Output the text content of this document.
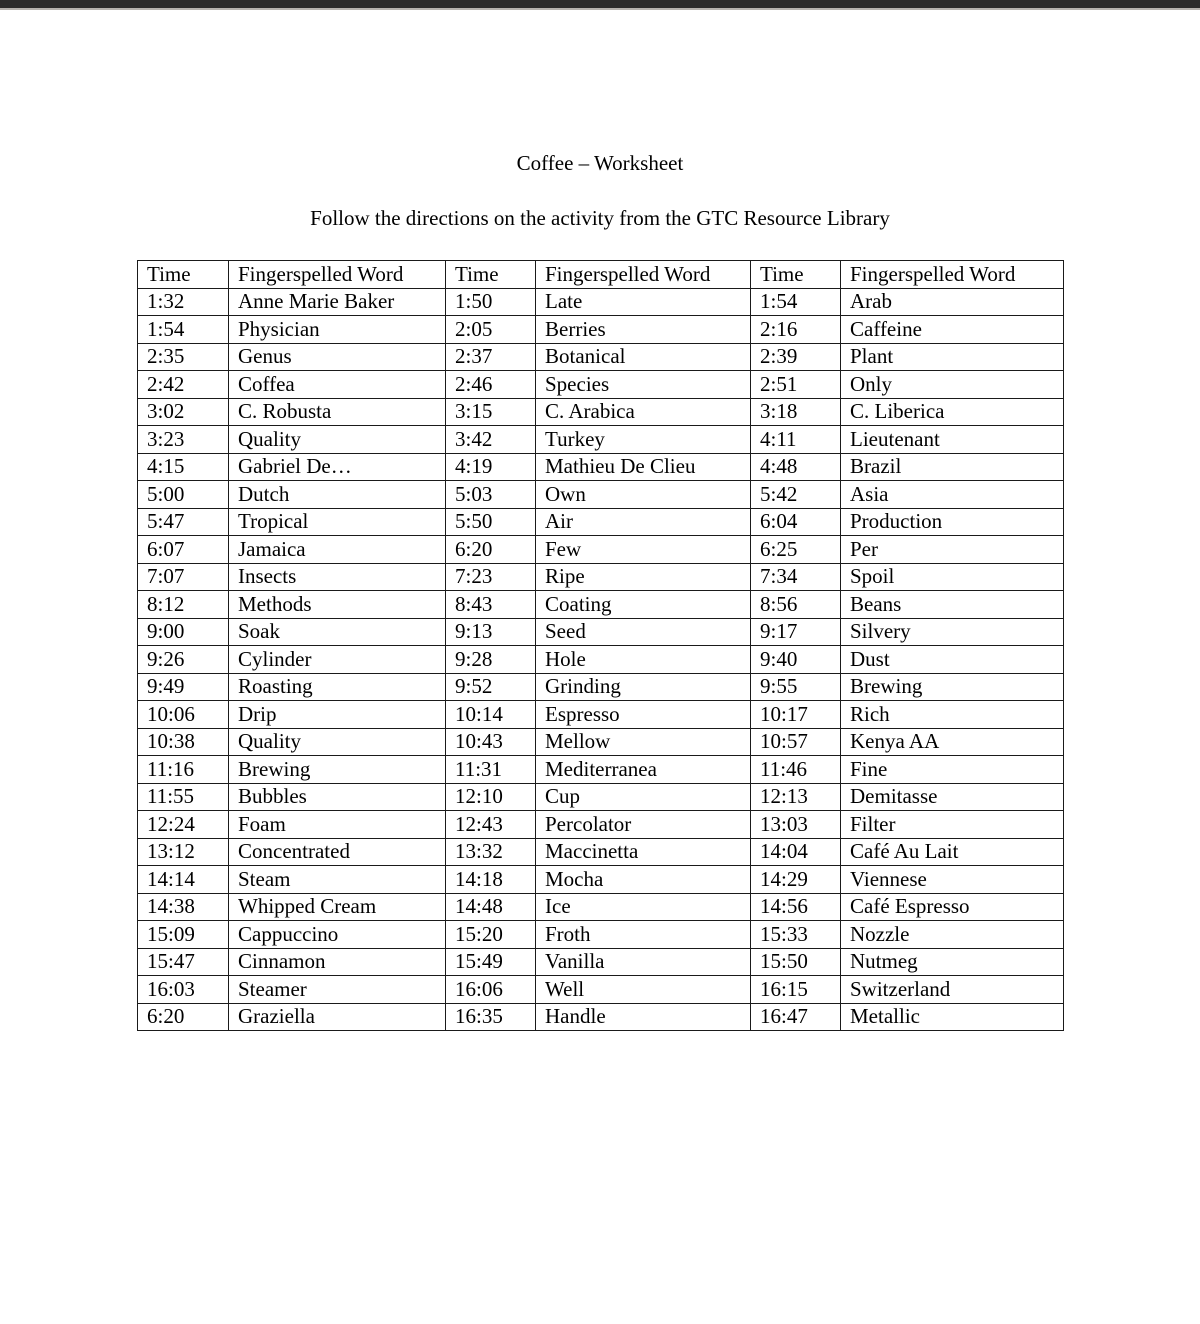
Coffee – Worksheet
Follow the directions on the activity from the GTC Resource Library
Time	Fingerspelled Word	Time	Fingerspelled Word	Time	Fingerspelled Word
1:32	Anne Marie Baker	1:50	Late	1:54	Arab
1:54	Physician	2:05	Berries	2:16	Caffeine
2:35	Genus	2:37	Botanical	2:39	Plant
2:42	Coffea	2:46	Species	2:51	Only
3:02	C. Robusta	3:15	C. Arabica	3:18	C. Liberica
3:23	Quality	3:42	Turkey	4:11	Lieutenant
4:15	Gabriel De…	4:19	Mathieu De Clieu	4:48	Brazil
5:00	Dutch	5:03	Own	5:42	Asia
5:47	Tropical	5:50	Air	6:04	Production
6:07	Jamaica	6:20	Few	6:25	Per
7:07	Insects	7:23	Ripe	7:34	Spoil
8:12	Methods	8:43	Coating	8:56	Beans
9:00	Soak	9:13	Seed	9:17	Silvery
9:26	Cylinder	9:28	Hole	9:40	Dust
9:49	Roasting	9:52	Grinding	9:55	Brewing
10:06	Drip	10:14	Espresso	10:17	Rich
10:38	Quality	10:43	Mellow	10:57	Kenya AA
11:16	Brewing	11:31	Mediterranea	11:46	Fine
11:55	Bubbles	12:10	Cup	12:13	Demitasse
12:24	Foam	12:43	Percolator	13:03	Filter
13:12	Concentrated	13:32	Maccinetta	14:04	Café Au Lait
14:14	Steam	14:18	Mocha	14:29	Viennese
14:38	Whipped Cream	14:48	Ice	14:56	Café Espresso
15:09	Cappuccino	15:20	Froth	15:33	Nozzle
15:47	Cinnamon	15:49	Vanilla	15:50	Nutmeg
16:03	Steamer	16:06	Well	16:15	Switzerland
6:20	Graziella	16:35	Handle	16:47	Metallic
